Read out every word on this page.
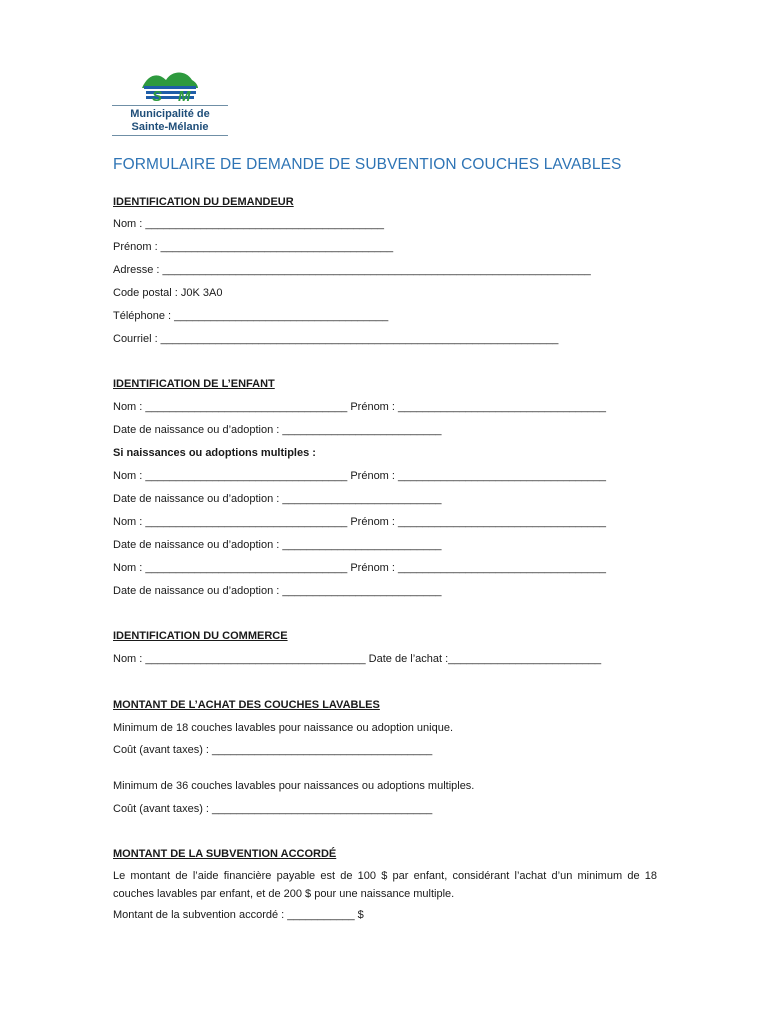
S M
Municipalité de
Sainte-Mélanie
FORMULAIRE DE DEMANDE DE SUBVENTION COUCHES LAVABLES
IDENTIFICATION DU DEMANDEUR
Nom : _______________________________________
Prénom : ______________________________________
Adresse : ______________________________________________________________________
Code postal : J0K 3A0
Téléphone : ___________________________________
Courriel : _________________________________________________________________
IDENTIFICATION DE L’ENFANT
Nom : _________________________________ Prénom : __________________________________
Date de naissance ou d’adoption : __________________________
Si naissances ou adoptions multiples :
Nom : _________________________________ Prénom : __________________________________
Date de naissance ou d’adoption : __________________________
Nom : _________________________________ Prénom : __________________________________
Date de naissance ou d’adoption : __________________________
Nom : _________________________________ Prénom : __________________________________
Date de naissance ou d’adoption : __________________________
IDENTIFICATION DU COMMERCE
Nom : ____________________________________ Date de l’achat :_________________________
MONTANT DE L’ACHAT DES COUCHES LAVABLES
Minimum de 18 couches lavables pour naissance ou adoption unique.
Coût (avant taxes) : ____________________________________
Minimum de 36 couches lavables pour naissances ou adoptions multiples.
Coût (avant taxes) : ____________________________________
MONTANT DE LA SUBVENTION ACCORDÉ
Le montant de l’aide financière payable est de 100 $ par enfant, considérant l’achat d’un minimum de 18 couches lavables par enfant, et de 200 $ pour une naissance multiple.
Montant de la subvention accordé : ___________ $
